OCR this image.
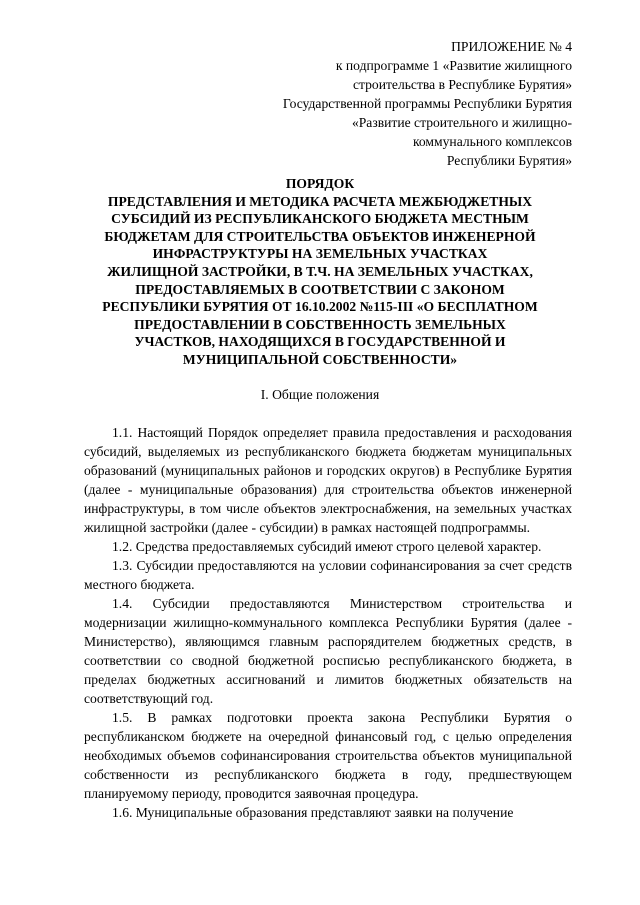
ПРИЛОЖЕНИЕ № 4
к подпрограмме 1 «Развитие жилищного
строительства в Республике Бурятия»
Государственной программы Республики Бурятия
«Развитие строительного и жилищно-
коммунального комплексов
Республики Бурятия»
ПОРЯДОК
ПРЕДСТАВЛЕНИЯ И МЕТОДИКА РАСЧЕТА МЕЖБЮДЖЕТНЫХ
СУБСИДИЙ ИЗ РЕСПУБЛИКАНСКОГО БЮДЖЕТА МЕСТНЫМ
БЮДЖЕТАМ ДЛЯ СТРОИТЕЛЬСТВА ОБЪЕКТОВ ИНЖЕНЕРНОЙ
ИНФРАСТРУКТУРЫ НА ЗЕМЕЛЬНЫХ УЧАСТКАХ
ЖИЛИЩНОЙ ЗАСТРОЙКИ, В Т.Ч. НА ЗЕМЕЛЬНЫХ УЧАСТКАХ,
ПРЕДОСТАВЛЯЕМЫХ В СООТВЕТСТВИИ С ЗАКОНОМ
РЕСПУБЛИКИ БУРЯТИЯ ОТ 16.10.2002 №115-III «О БЕСПЛАТНОМ
ПРЕДОСТАВЛЕНИИ В СОБСТВЕННОСТЬ ЗЕМЕЛЬНЫХ
УЧАСТКОВ, НАХОДЯЩИХСЯ В ГОСУДАРСТВЕННОЙ И
МУНИЦИПАЛЬНОЙ СОБСТВЕННОСТИ»
I. Общие положения

1.1. Настоящий Порядок определяет правила предоставления и расходования субсидий, выделяемых из республиканского бюджета бюджетам муниципальных образований (муниципальных районов и городских округов) в Республике Бурятия (далее - муниципальные образования) для строительства объектов инженерной инфраструктуры, в том числе объектов электроснабжения, на земельных участках жилищной застройки (далее - субсидии) в рамках настоящей подпрограммы.

1.2. Средства предоставляемых субсидий имеют строго целевой характер.

1.3. Субсидии предоставляются на условии софинансирования за счет средств местного бюджета.

1.4. Субсидии предоставляются Министерством строительства и модернизации жилищно-коммунального комплекса Республики Бурятия (далее - Министерство), являющимся главным распорядителем бюджетных средств, в соответствии со сводной бюджетной росписью республиканского бюджета, в пределах бюджетных ассигнований и лимитов бюджетных обязательств на соответствующий год.

1.5. В рамках подготовки проекта закона Республики Бурятия о республиканском бюджете на очередной финансовый год, с целью определения необходимых объемов софинансирования строительства объектов муниципальной собственности из республиканского бюджета в году, предшествующем планируемому периоду, проводится заявочная процедура.

1.6. Муниципальные образования представляют заявки на получение
